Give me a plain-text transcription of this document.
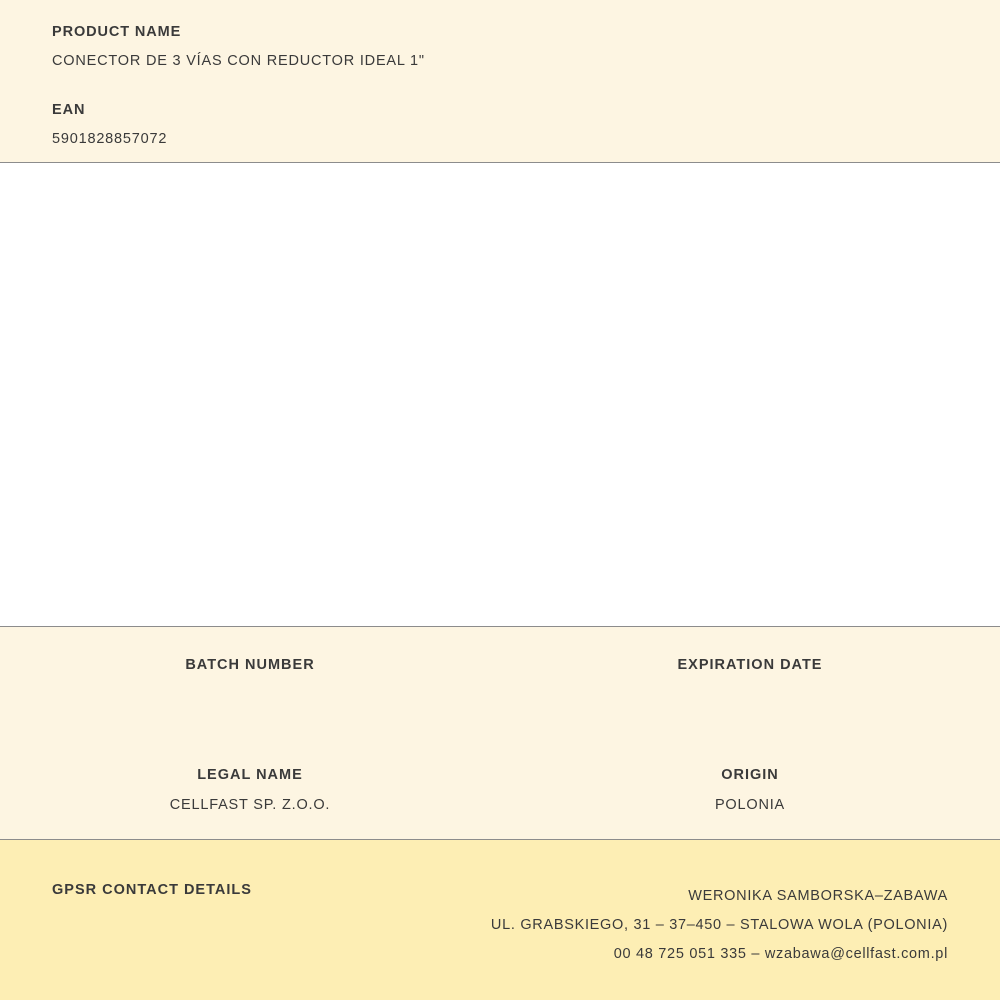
PRODUCT NAME
CONECTOR DE 3 VÍAS CON REDUCTOR IDEAL 1"
EAN
5901828857072
BATCH NUMBER	EXPIRATION DATE
LEGAL NAME
CELLFAST SP. Z.O.O.
ORIGIN
POLONIA
GPSR CONTACT DETAILS	WERONIKA SAMBORSKA–ZABAWA
UL. GRABSKIEGO, 31 – 37–450 – STALOWA WOLA (POLONIA)
00 48 725 051 335 – wzabawa@cellfast.com.pl
